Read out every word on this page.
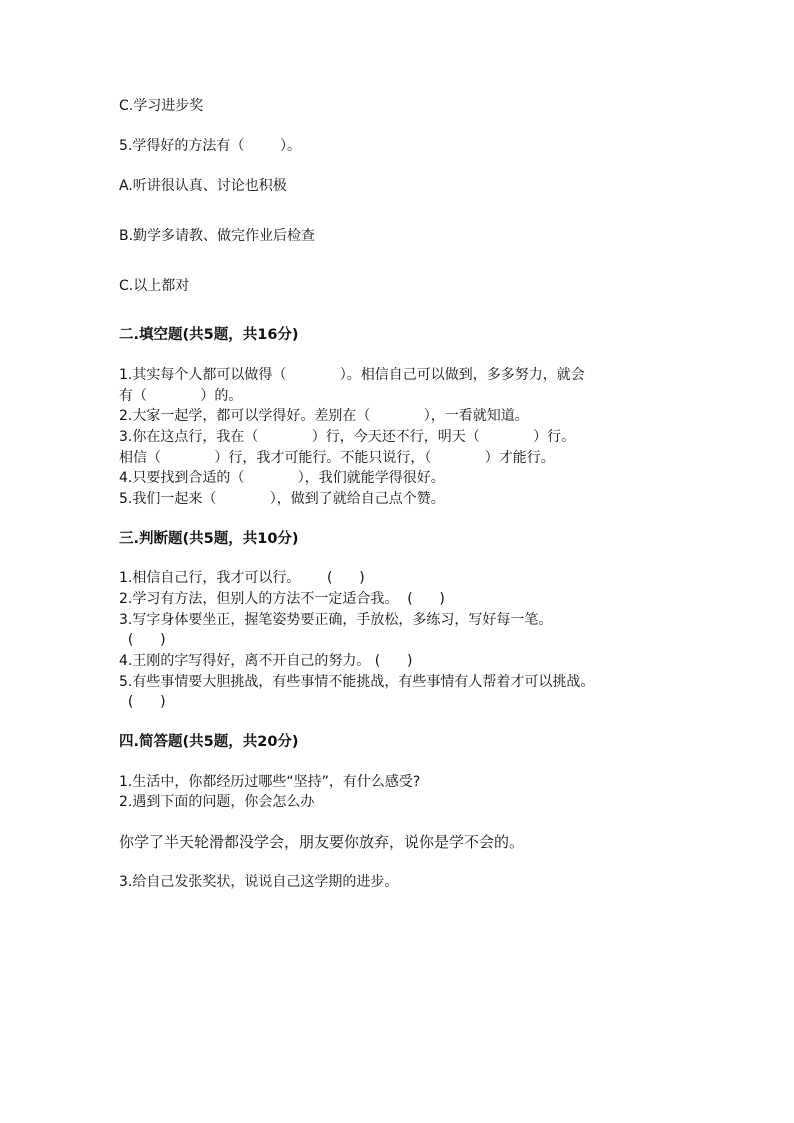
C.学习进步奖
5.学得好的方法有（        ）。
A.听讲很认真、讨论也积极
B.勤学多请教、做完作业后检查
C.以上都对
二.填空题(共5题，共16分)
1.其实每个人都可以做得（            ）。相信自己可以做到，多多努力，就会
有（            ）的。
2.大家一起学，都可以学得好。差别在（            ），一看就知道。
3.你在这点行，我在（            ）行，今天还不行，明天（            ）行。
相信（            ）行，我才可能行。不能只说行，（            ）才能行。
4.只要找到合适的（            ），我们就能学得很好。
5.我们一起来（            ），做到了就给自己点个赞。
三.判断题(共5题，共10分)
1.相信自己行，我才可以行。      (      )
2.学习有方法，但别人的方法不一定适合我。  (      )
3.写字身体要坐正，握笔姿势要正确，手放松，多练习，写好每一笔。
(      )
4.王刚的字写得好，离不开自己的努力。 (      )
5.有些事情要大胆挑战，有些事情不能挑战，有些事情有人帮着才可以挑战。
(      )
四.简答题(共5题，共20分)
1.生活中，你都经历过哪些“坚持”，有什么感受?
2.遇到下面的问题，你会怎么办
你学了半天轮滑都没学会，朋友要你放弃，说你是学不会的。
3.给自己发张奖状，说说自己这学期的进步。
